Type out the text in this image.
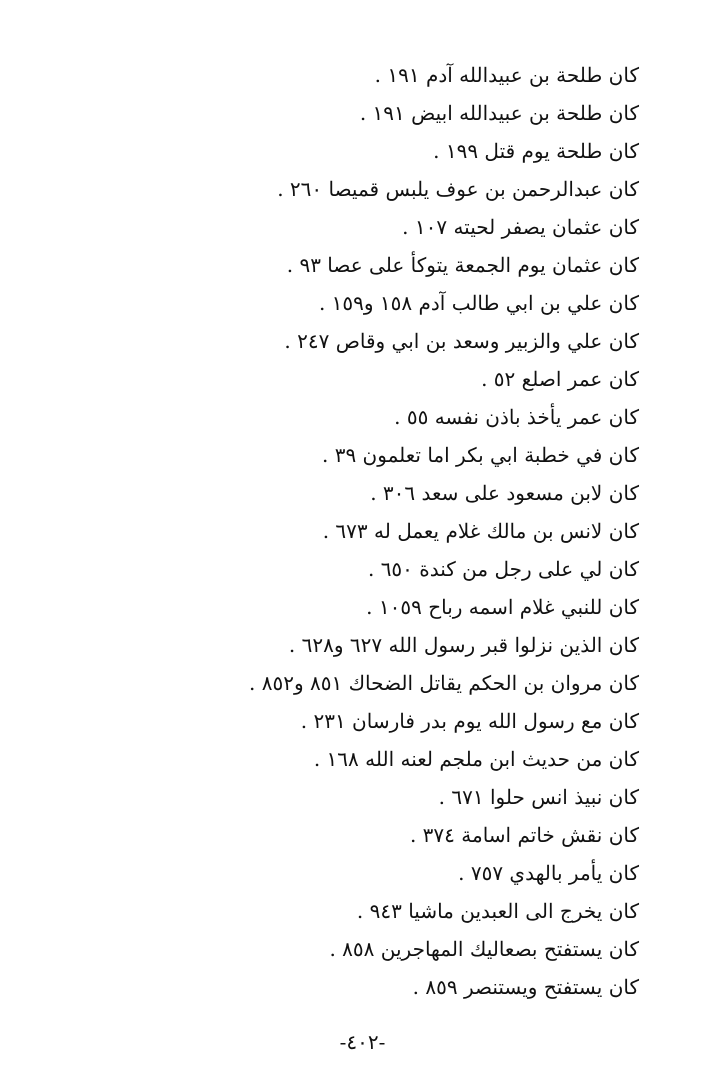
كان طلحة بن عبيدالله آدم ١٩١ .
كان طلحة بن عبيدالله ابيض ١٩١ .
كان طلحة يوم قتل ١٩٩ .
كان عبدالرحمن بن عوف يلبس قميصا ٢٦٠ .
كان عثمان يصفر لحيته ١٠٧ .
كان عثمان يوم الجمعة يتوكأ على عصا ٩٣ .
كان علي بن ابي طالب آدم ١٥٨ و١٥٩ .
كان علي والزبير وسعد بن ابي وقاص ٢٤٧ .
كان عمر اصلع ٥٢ .
كان عمر يأخذ باذن نفسه ٥٥ .
كان في خطبة ابي بكر اما تعلمون ٣٩ .
كان لابن مسعود على سعد ٣٠٦ .
كان لانس بن مالك غلام يعمل له ٦٧٣ .
كان لي على رجل من كندة ٦٥٠ .
كان للنبي غلام اسمه رباح ١٠٥٩ .
كان الذين نزلوا قبر رسول الله ٦٢٧ و٦٢٨ .
كان مروان بن الحكم يقاتل الضحاك ٨٥١ و٨٥٢ .
كان مع رسول الله يوم بدر فارسان ٢٣١ .
كان من حديث ابن ملجم لعنه الله ١٦٨ .
كان نبيذ انس حلوا ٦٧١ .
كان نقش خاتم اسامة ٣٧٤ .
كان يأمر بالهدي ٧٥٧ .
كان يخرج الى العبدين ماشيا ٩٤٣ .
كان يستفتح بصعاليك المهاجرين ٨٥٨ .
كان يستفتح ويستنصر ٨٥٩ .
-٤٠٢-
